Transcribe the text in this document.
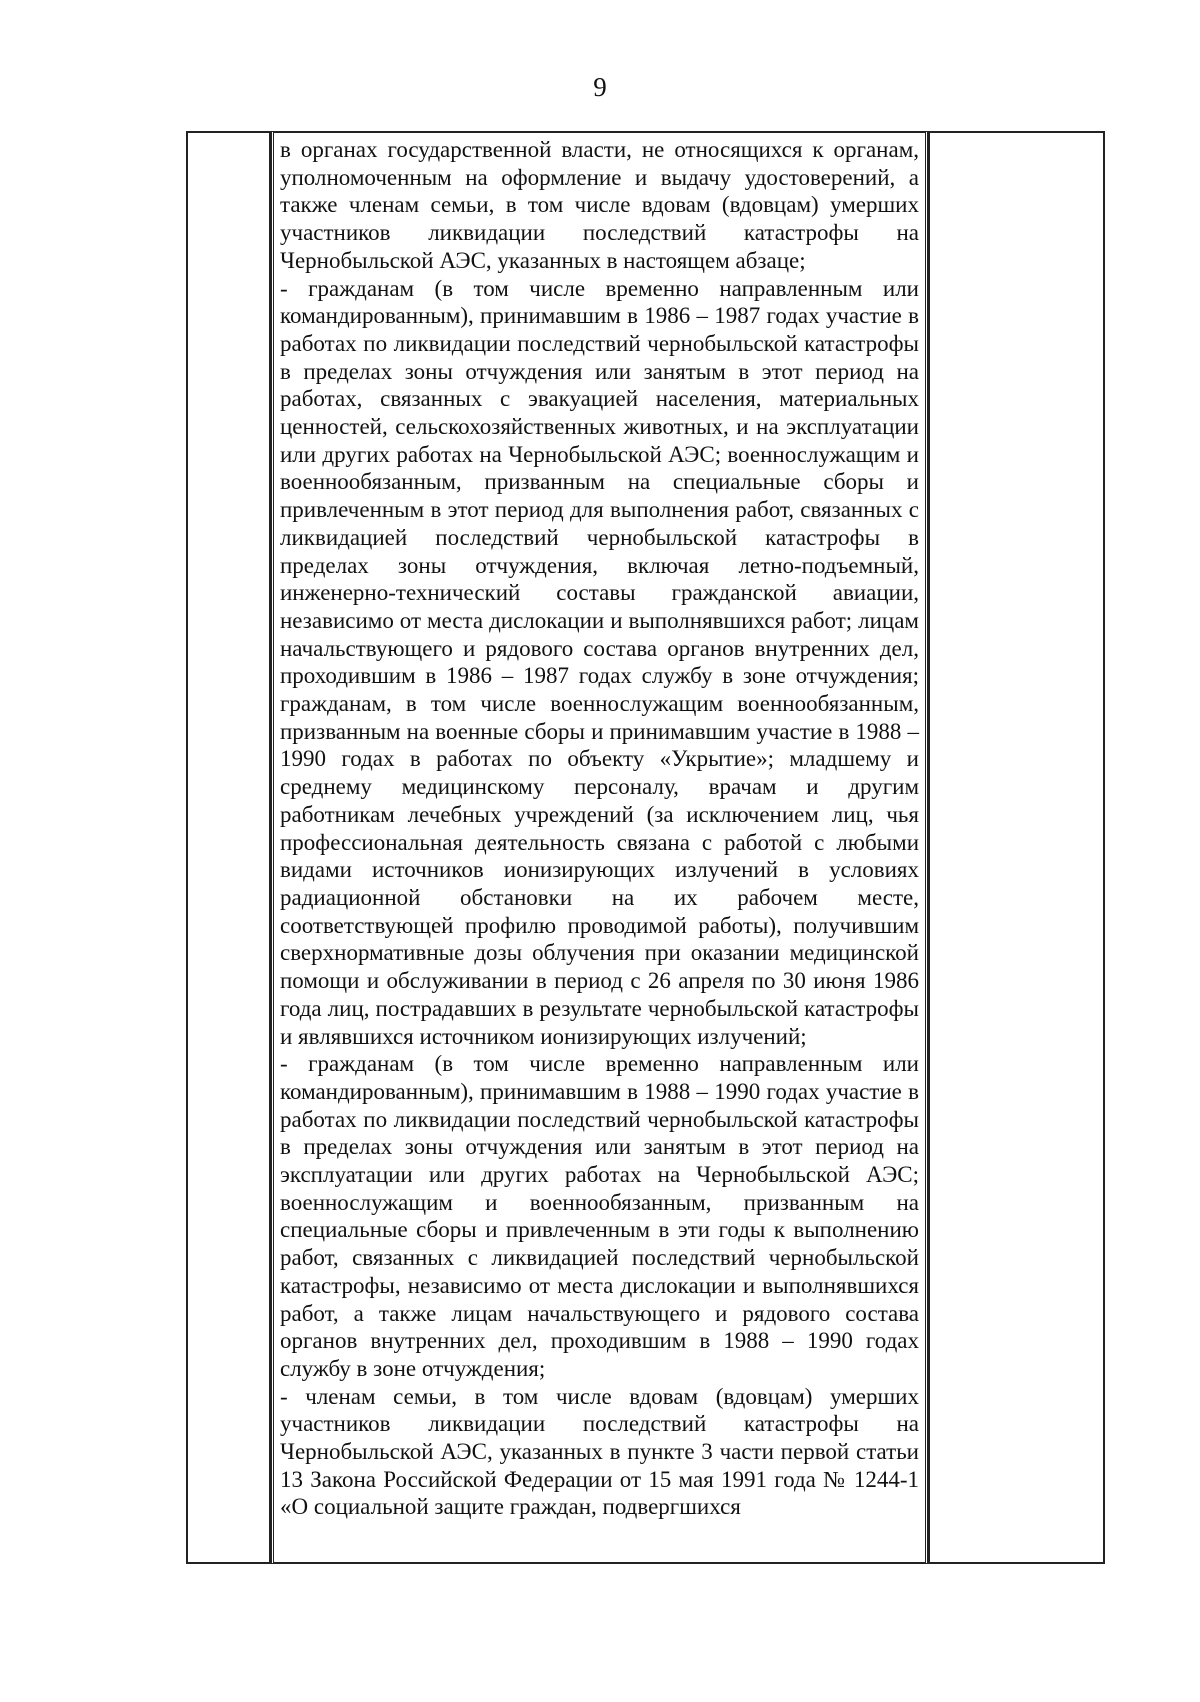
9

в органах государственной власти, не относящихся к органам, уполномоченным на оформление и выдачу удостоверений, а также членам семьи, в том числе вдовам (вдовцам) умерших участников ликвидации последствий катастрофы на Чернобыльской АЭС, указанных в настоящем абзаце;

- гражданам (в том числе временно направленным или командированным), принимавшим в 1986 – 1987 годах участие в работах по ликвидации последствий чернобыльской катастрофы в пределах зоны отчуждения или занятым в этот период на работах, связанных с эвакуацией населения, материальных ценностей, сельскохозяйственных животных, и на эксплуатации или других работах на Чернобыльской АЭС; военнослужащим и военнообязанным, призванным на специальные сборы и привлеченным в этот период для выполнения работ, связанных с ликвидацией последствий чернобыльской катастрофы в пределах зоны отчуждения, включая летно-подъемный, инженерно-технический составы гражданской авиации, независимо от места дислокации и выполнявшихся работ; лицам начальствующего и рядового состава органов внутренних дел, проходившим в 1986 – 1987 годах службу в зоне отчуждения; гражданам, в том числе военнослужащим военнообязанным, призванным на военные сборы и принимавшим участие в 1988 – 1990 годах в работах по объекту «Укрытие»; младшему и среднему медицинскому персоналу, врачам и другим работникам лечебных учреждений (за исключением лиц, чья профессиональная деятельность связана с работой с любыми видами источников ионизирующих излучений в условиях радиационной обстановки на их рабочем месте, соответствующей профилю проводимой работы), получившим сверхнормативные дозы облучения при оказании медицинской помощи и обслуживании в период с 26 апреля по 30 июня 1986 года лиц, пострадавших в результате чернобыльской катастрофы и являвшихся источником ионизирующих излучений;

- гражданам (в том числе временно направленным или командированным), принимавшим в 1988 – 1990 годах участие в работах по ликвидации последствий чернобыльской катастрофы в пределах зоны отчуждения или занятым в этот период на эксплуатации или других работах на Чернобыльской АЭС; военнослужащим и военнообязанным, призванным на специальные сборы и привлеченным в эти годы к выполнению работ, связанных с ликвидацией последствий чернобыльской катастрофы, независимо от места дислокации и выполнявшихся работ, а также лицам начальствующего и рядового состава органов внутренних дел, проходившим в 1988 – 1990 годах службу в зоне отчуждения;

- членам семьи, в том числе вдовам (вдовцам) умерших участников ликвидации последствий катастрофы на Чернобыльской АЭС, указанных в пункте 3 части первой статьи 13 Закона Российской Федерации от 15 мая 1991 года № 1244-1 «О социальной защите граждан, подвергшихся
